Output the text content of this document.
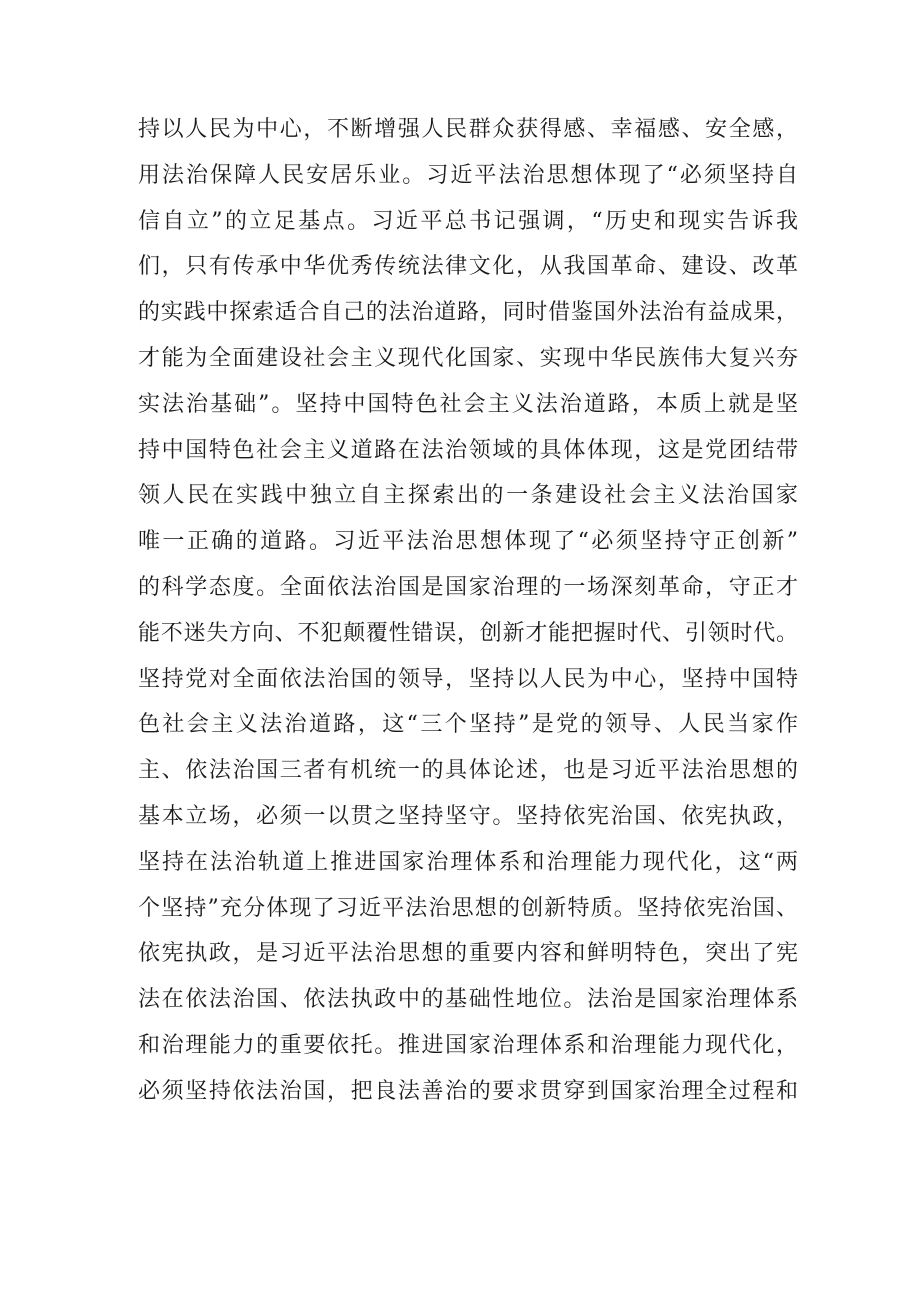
持以人民为中心，不断增强人民群众获得感、幸福感、安全感，
用法治保障人民安居乐业。习近平法治思想体现了“必须坚持自
信自立”的立足基点。习近平总书记强调，“历史和现实告诉我
们，只有传承中华优秀传统法律文化，从我国革命、建设、改革
的实践中探索适合自己的法治道路，同时借鉴国外法治有益成果，
才能为全面建设社会主义现代化国家、实现中华民族伟大复兴夯
实法治基础”。坚持中国特色社会主义法治道路，本质上就是坚
持中国特色社会主义道路在法治领域的具体体现，这是党团结带
领人民在实践中独立自主探索出的一条建设社会主义法治国家
唯一正确的道路。习近平法治思想体现了“必须坚持守正创新”
的科学态度。全面依法治国是国家治理的一场深刻革命，守正才
能不迷失方向、不犯颠覆性错误，创新才能把握时代、引领时代。
坚持党对全面依法治国的领导，坚持以人民为中心，坚持中国特
色社会主义法治道路，这“三个坚持”是党的领导、人民当家作
主、依法治国三者有机统一的具体论述，也是习近平法治思想的
基本立场，必须一以贯之坚持坚守。坚持依宪治国、依宪执政，
坚持在法治轨道上推进国家治理体系和治理能力现代化，这“两
个坚持”充分体现了习近平法治思想的创新特质。坚持依宪治国、
依宪执政，是习近平法治思想的重要内容和鲜明特色，突出了宪
法在依法治国、依法执政中的基础性地位。法治是国家治理体系
和治理能力的重要依托。推进国家治理体系和治理能力现代化，
必须坚持依法治国，把良法善治的要求贯穿到国家治理全过程和
